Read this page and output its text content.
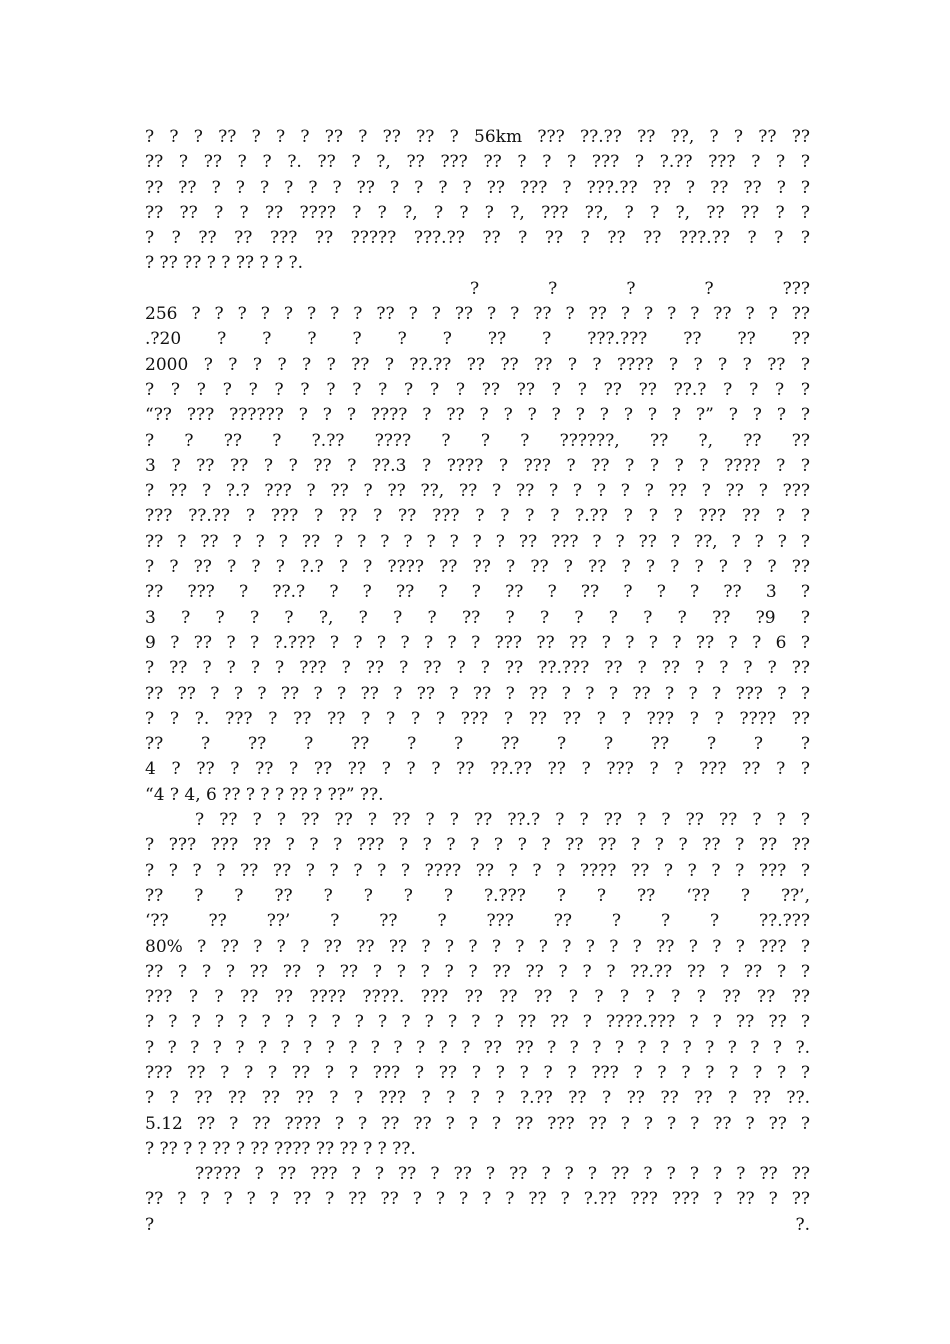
? ? ? ?? ? ? ? ?? ? ?? ?? ? 56km ??? ??.?? ?? ??, ? ? ?? ??
?? ? ?? ? ? ?. ?? ? ?, ?? ??? ?? ? ? ? ??? ? ?.?? ??? ? ? ?
?? ?? ? ? ? ? ? ? ?? ? ? ? ? ?? ??? ? ???.?? ?? ? ?? ?? ? ?
?? ?? ? ? ?? ???? ? ? ?, ? ? ? ?, ??? ??, ? ? ?, ?? ?? ? ?
? ? ?? ?? ??? ?? ????? ???.?? ?? ? ?? ? ?? ?? ???.?? ? ? ?
? ?? ?? ? ? ?? ? ? ?.
? ? ? ? ???
256 ? ? ? ? ? ? ? ? ?? ? ? ?? ? ? ?? ? ?? ? ? ? ? ?? ? ? ??
.?20 ? ? ? ? ? ? ?? ? ???.??? ?? ?? ??
2000 ? ? ? ? ? ? ?? ? ??.?? ?? ?? ?? ? ? ???? ? ? ? ? ?? ?
? ? ? ? ? ? ? ? ? ? ? ? ? ?? ?? ? ? ?? ?? ??.? ? ? ? ?
“?? ??? ?????? ? ? ? ???? ? ?? ? ? ? ? ? ? ? ? ? ?” ? ? ? ?
? ? ?? ? ?.?? ???? ? ? ? ??????, ?? ?, ?? ??
3 ? ?? ?? ? ? ?? ? ??.3 ? ???? ? ??? ? ?? ? ? ? ? ???? ? ?
? ?? ? ?.? ??? ? ?? ? ?? ??, ?? ? ?? ? ? ? ? ? ?? ? ?? ? ???
??? ??.?? ? ??? ? ?? ? ?? ??? ? ? ? ? ?.?? ? ? ? ??? ?? ? ?
?? ? ?? ? ? ? ?? ? ? ? ? ? ? ? ? ?? ??? ? ? ?? ? ??, ? ? ? ?
? ? ?? ? ? ? ?.? ? ? ???? ?? ?? ? ?? ? ?? ? ? ? ? ? ? ? ??
?? ??? ? ??.? ? ? ?? ? ? ?? ? ?? ? ? ? ?? 3 ?
3 ? ? ? ? ?, ? ? ? ?? ? ? ? ? ? ? ?? ?9 ?
9 ? ?? ? ? ?.??? ? ? ? ? ? ? ? ??? ?? ?? ? ? ? ? ?? ? ? 6 ?
? ?? ? ? ? ? ??? ? ?? ? ?? ? ? ?? ??.??? ?? ? ?? ? ? ? ? ??
?? ?? ? ? ? ?? ? ? ?? ? ?? ? ?? ? ?? ? ? ? ?? ? ? ? ??? ? ?
? ? ?. ??? ? ?? ?? ? ? ? ? ??? ? ?? ?? ? ? ??? ? ? ???? ??
?? ? ?? ? ?? ? ? ?? ? ? ?? ? ? ?
4 ? ?? ? ?? ? ?? ?? ? ? ? ?? ??.?? ?? ? ??? ? ? ??? ?? ? ?
“4 ? 4, 6 ?? ? ? ? ?? ? ??” ??.
? ?? ? ? ?? ?? ? ?? ? ? ?? ??.? ? ? ?? ? ? ?? ?? ? ? ?
? ??? ??? ?? ? ? ? ??? ? ? ? ? ? ? ? ?? ?? ? ? ? ?? ? ?? ??
? ? ? ? ?? ?? ? ? ? ? ? ???? ?? ? ? ? ???? ?? ? ? ? ? ??? ?
?? ? ? ?? ? ? ? ? ?.??? ? ? ?? ‘?? ? ??’,
‘?? ?? ??’ ? ?? ? ??? ?? ? ? ? ??.???
80% ? ?? ? ? ? ?? ?? ?? ? ? ? ? ? ? ? ? ? ? ?? ? ? ? ??? ?
?? ? ? ? ?? ?? ? ?? ? ? ? ? ? ?? ?? ? ? ? ??.?? ?? ? ?? ? ?
??? ? ? ?? ?? ???? ????. ??? ?? ?? ?? ? ? ? ? ? ? ?? ?? ??
? ? ? ? ? ? ? ? ? ? ? ? ? ? ? ? ?? ?? ? ????.??? ? ? ?? ?? ?
? ? ? ? ? ? ? ? ? ? ? ? ? ? ? ?? ?? ? ? ? ? ? ? ? ? ? ? ? ?.
??? ?? ? ? ? ?? ? ? ??? ? ?? ? ? ? ? ? ??? ? ? ? ? ? ? ? ?
? ? ?? ?? ?? ?? ? ? ??? ? ? ? ? ?.?? ?? ? ?? ?? ?? ? ?? ??.
5.12 ?? ? ?? ???? ? ? ?? ?? ? ? ? ?? ??? ?? ? ? ? ? ?? ? ?? ?
? ?? ? ? ?? ? ?? ???? ?? ?? ? ? ??.
????? ? ?? ??? ? ? ?? ? ?? ? ?? ? ? ? ?? ? ? ? ? ? ?? ??
?? ? ? ? ? ? ?? ? ?? ?? ? ? ? ? ? ?? ? ?.?? ??? ??? ? ?? ? ??
? ?.
